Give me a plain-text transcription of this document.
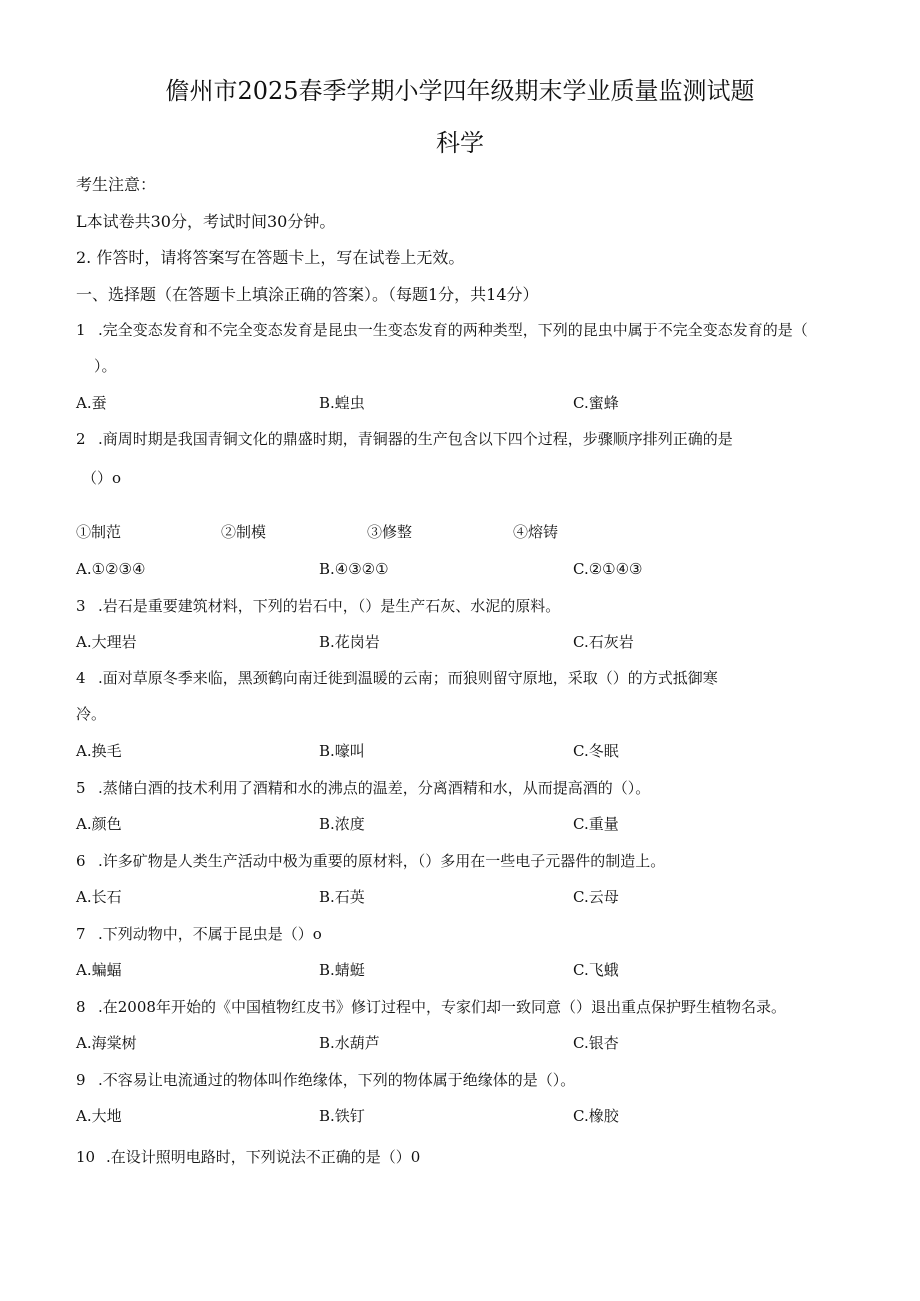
儋州市2025春季学期小学四年级期末学业质量监测试题
科学
考生注意：
L本试卷共30分，考试时间30分钟。
2. 作答时，请将答案写在答题卡上，写在试卷上无效。
一、选择题（在答题卡上填涂正确的答案）。（每题1分，共14分）
1 .完全变态发育和不完全变态发育是昆虫一生变态发育的两种类型，下列的昆虫中属于不完全变态发育的是（
）。
A.蚕	B.蝗虫	C.蜜蜂
2 .商周时期是我国青铜文化的鼎盛时期，青铜器的生产包含以下四个过程，步骤顺序排列正确的是
（）o
①制范	②制模	③修整	④熔铸
A.①②③④	B.④③②①	C.②①④③
3 .岩石是重要建筑材料，下列的岩石中，（）是生产石灰、水泥的原料。
A.大理岩	B.花岗岩	C.石灰岩
4 .面对草原冬季来临，黑颈鹤向南迁徙到温暖的云南；而狼则留守原地，采取（）的方式抵御寒
冷。
A.换毛	B.嚎叫	C.冬眠
5 .蒸储白酒的技术利用了酒精和水的沸点的温差，分离酒精和水，从而提高酒的（）。
A.颜色	B.浓度	C.重量
6 .许多矿物是人类生产活动中极为重要的原材料，（）多用在一些电子元器件的制造上。
A.长石	B.石英	C.云母
7 .下列动物中，不属于昆虫是（）o
A.蝙蝠	B.蜻蜓	C.飞蛾
8 .在2008年开始的《中国植物红皮书》修订过程中，专家们却一致同意（）退出重点保护野生植物名录。
A.海棠树	B.水葫芦	C.银杏
9 .不容易让电流通过的物体叫作绝缘体，下列的物体属于绝缘体的是（）。
A.大地	B.铁钉	C.橡胶
10 .在设计照明电路时，下列说法不正确的是（）0
